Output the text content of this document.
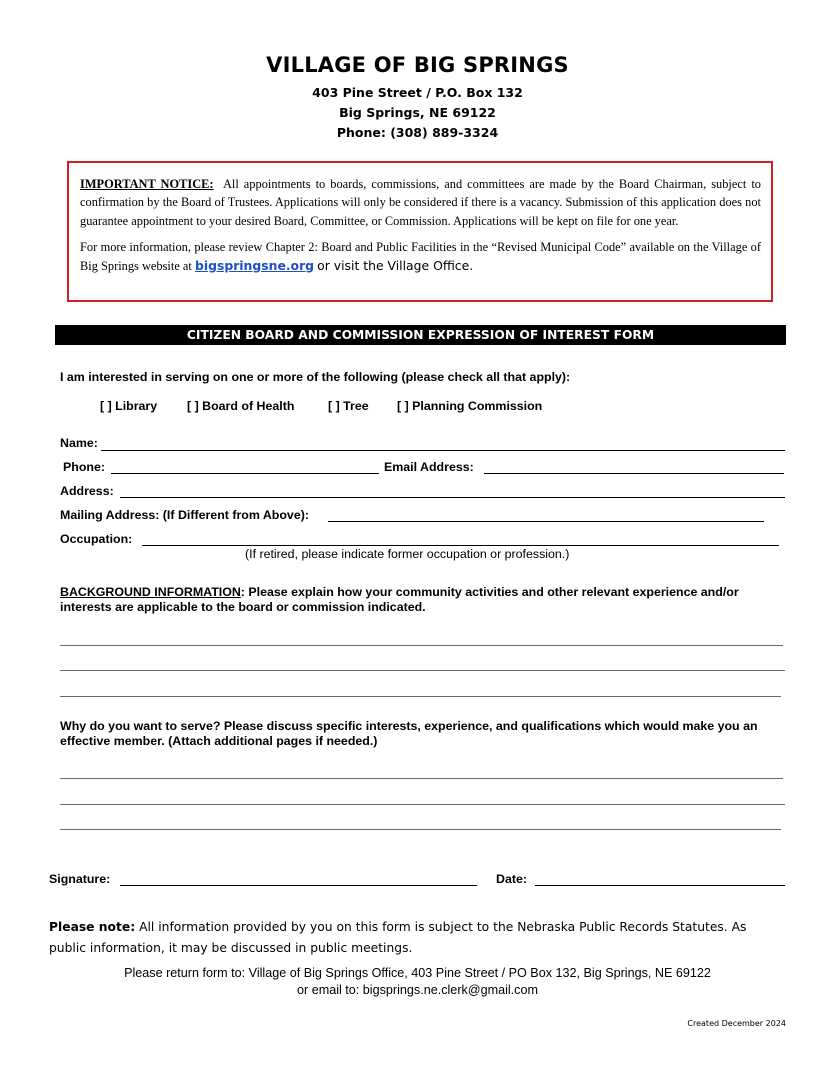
VILLAGE OF BIG SPRINGS
403 Pine Street / P.O. Box 132
Big Springs, NE 69122
Phone: (308) 889-3324

IMPORTANT NOTICE: All appointments to boards, commissions, and committees are made by the Board Chairman, subject to confirmation by the Board of Trustees. Applications will only be considered if there is a vacancy. Submission of this application does not guarantee appointment to your desired Board, Committee, or Commission. Applications will be kept on file for one year.

For more information, please review Chapter 2: Board and Public Facilities in the “Revised Municipal Code” available on the Village of Big Springs website at bigspringsne.org or visit the Village Office.

CITIZEN BOARD AND COMMISSION EXPRESSION OF INTEREST FORM
I am interested in serving on one or more of the following (please check all that apply):
[ ] Library [ ] Board of Health	[ ] Tree [ ] Planning Commission
Name:
Phone:	Email Address:
Address:
Mailing Address: (If Different from Above):
Occupation:
(If retired, please indicate former occupation or profession.)
BACKGROUND INFORMATION: Please explain how your community activities and other relevant experience and/or interests are applicable to the board or commission indicated.
Why do you want to serve? Please discuss specific interests, experience, and qualifications which would make you an effective member. (Attach additional pages if needed.)
Signature:	Date:
Please note: All information provided by you on this form is subject to the Nebraska Public Records Statutes. As public information, it may be discussed in public meetings.
Please return form to: Village of Big Springs Office, 403 Pine Street / PO Box 132, Big Springs, NE 69122
or email to: bigsprings.ne.clerk@gmail.com
Created December 2024
